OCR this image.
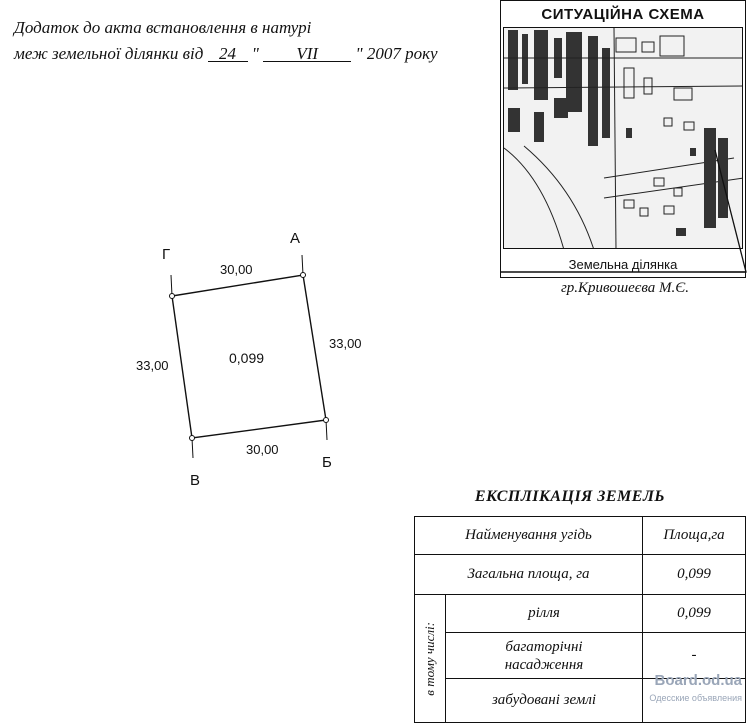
Додаток до акта встановлення в натурі
меж земельної ділянки від 24 " VII " 2007 року
СИТУАЦІЙНА СХЕМА
Земельна ділянка
гр.Кривошеєва М.Є.
А
Б
В
Г
30,00
33,00
30,00
33,00	0,099
ЕКСПЛІКАЦІЯ ЗЕМЕЛЬ
Найменування угідь		Площа,га
Загальна площа, га		0,099

в тому числі:	рілля	0,099

	багаторічні
насадження	-
	забудовані землі	
Board.od.ua
Одесские объявления
